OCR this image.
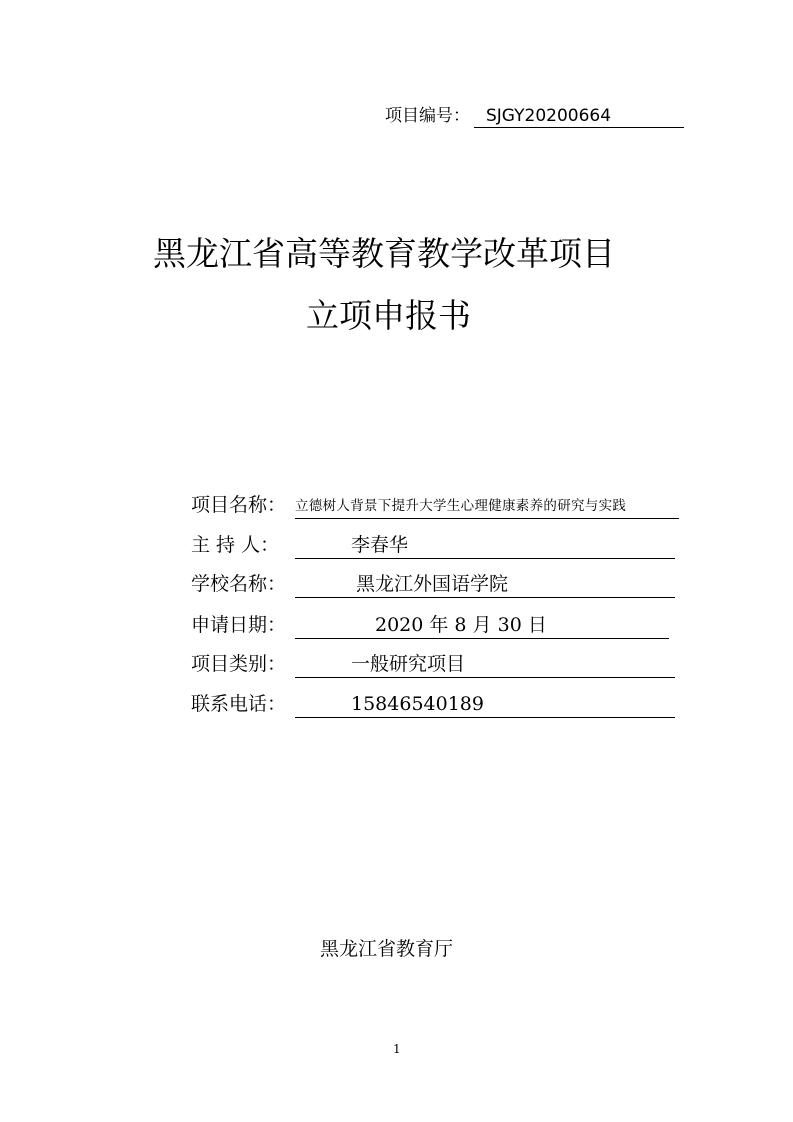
项目编号： SJGY20200664
黑龙江省高等教育教学改革项目
立项申报书
项目名称： 立德树人背景下提升大学生心理健康素养的研究与实践
主 持 人：	李春华
学校名称：	黑龙江外国语学院
申请日期：	2020 年 8 月 30 日
项目类别：	一般研究项目
联系电话：	15846540189
黑龙江省教育厅
1
